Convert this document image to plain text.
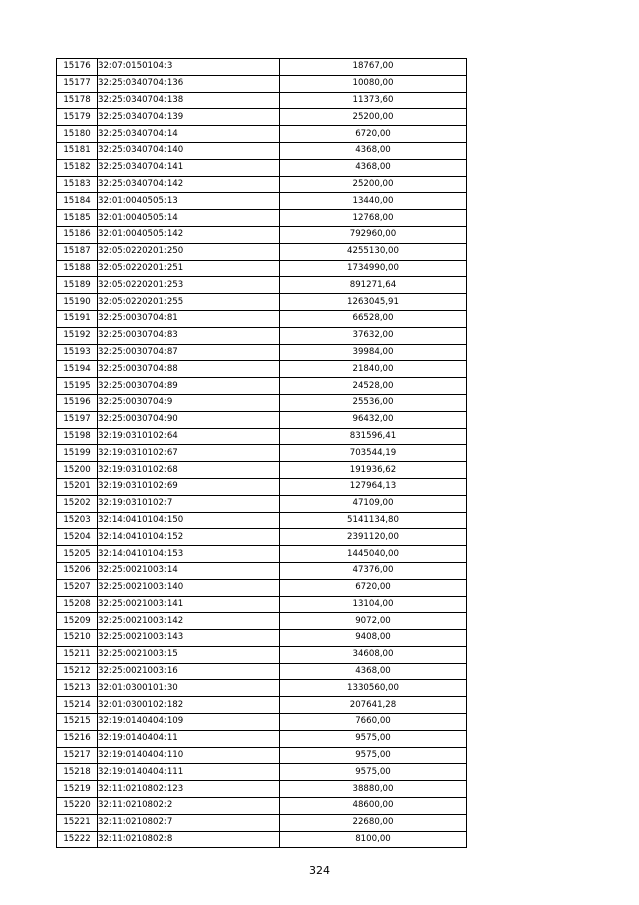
15176	32:07:0150104:3	18767,00
15177	32:25:0340704:136	10080,00
15178	32:25:0340704:138	11373,60
15179	32:25:0340704:139	25200,00
15180	32:25:0340704:14	6720,00
15181	32:25:0340704:140	4368,00
15182	32:25:0340704:141	4368,00
15183	32:25:0340704:142	25200,00
15184	32:01:0040505:13	13440,00
15185	32:01:0040505:14	12768,00
15186	32:01:0040505:142	792960,00
15187	32:05:0220201:250	4255130,00
15188	32:05:0220201:251	1734990,00
15189	32:05:0220201:253	891271,64
15190	32:05:0220201:255	1263045,91
15191	32:25:0030704:81	66528,00
15192	32:25:0030704:83	37632,00
15193	32:25:0030704:87	39984,00
15194	32:25:0030704:88	21840,00
15195	32:25:0030704:89	24528,00
15196	32:25:0030704:9	25536,00
15197	32:25:0030704:90	96432,00
15198	32:19:0310102:64	831596,41
15199	32:19:0310102:67	703544,19
15200	32:19:0310102:68	191936,62
15201	32:19:0310102:69	127964,13
15202	32:19:0310102:7	47109,00
15203	32:14:0410104:150	5141134,80
15204	32:14:0410104:152	2391120,00
15205	32:14:0410104:153	1445040,00
15206	32:25:0021003:14	47376,00
15207	32:25:0021003:140	6720,00
15208	32:25:0021003:141	13104,00
15209	32:25:0021003:142	9072,00
15210	32:25:0021003:143	9408,00
15211	32:25:0021003:15	34608,00
15212	32:25:0021003:16	4368,00
15213	32:01:0300101:30	1330560,00
15214	32:01:0300102:182	207641,28
15215	32:19:0140404:109	7660,00
15216	32:19:0140404:11	9575,00
15217	32:19:0140404:110	9575,00
15218	32:19:0140404:111	9575,00
15219	32:11:0210802:123	38880,00
15220	32:11:0210802:2	48600,00
15221	32:11:0210802:7	22680,00
15222	32:11:0210802:8	8100,00
324
